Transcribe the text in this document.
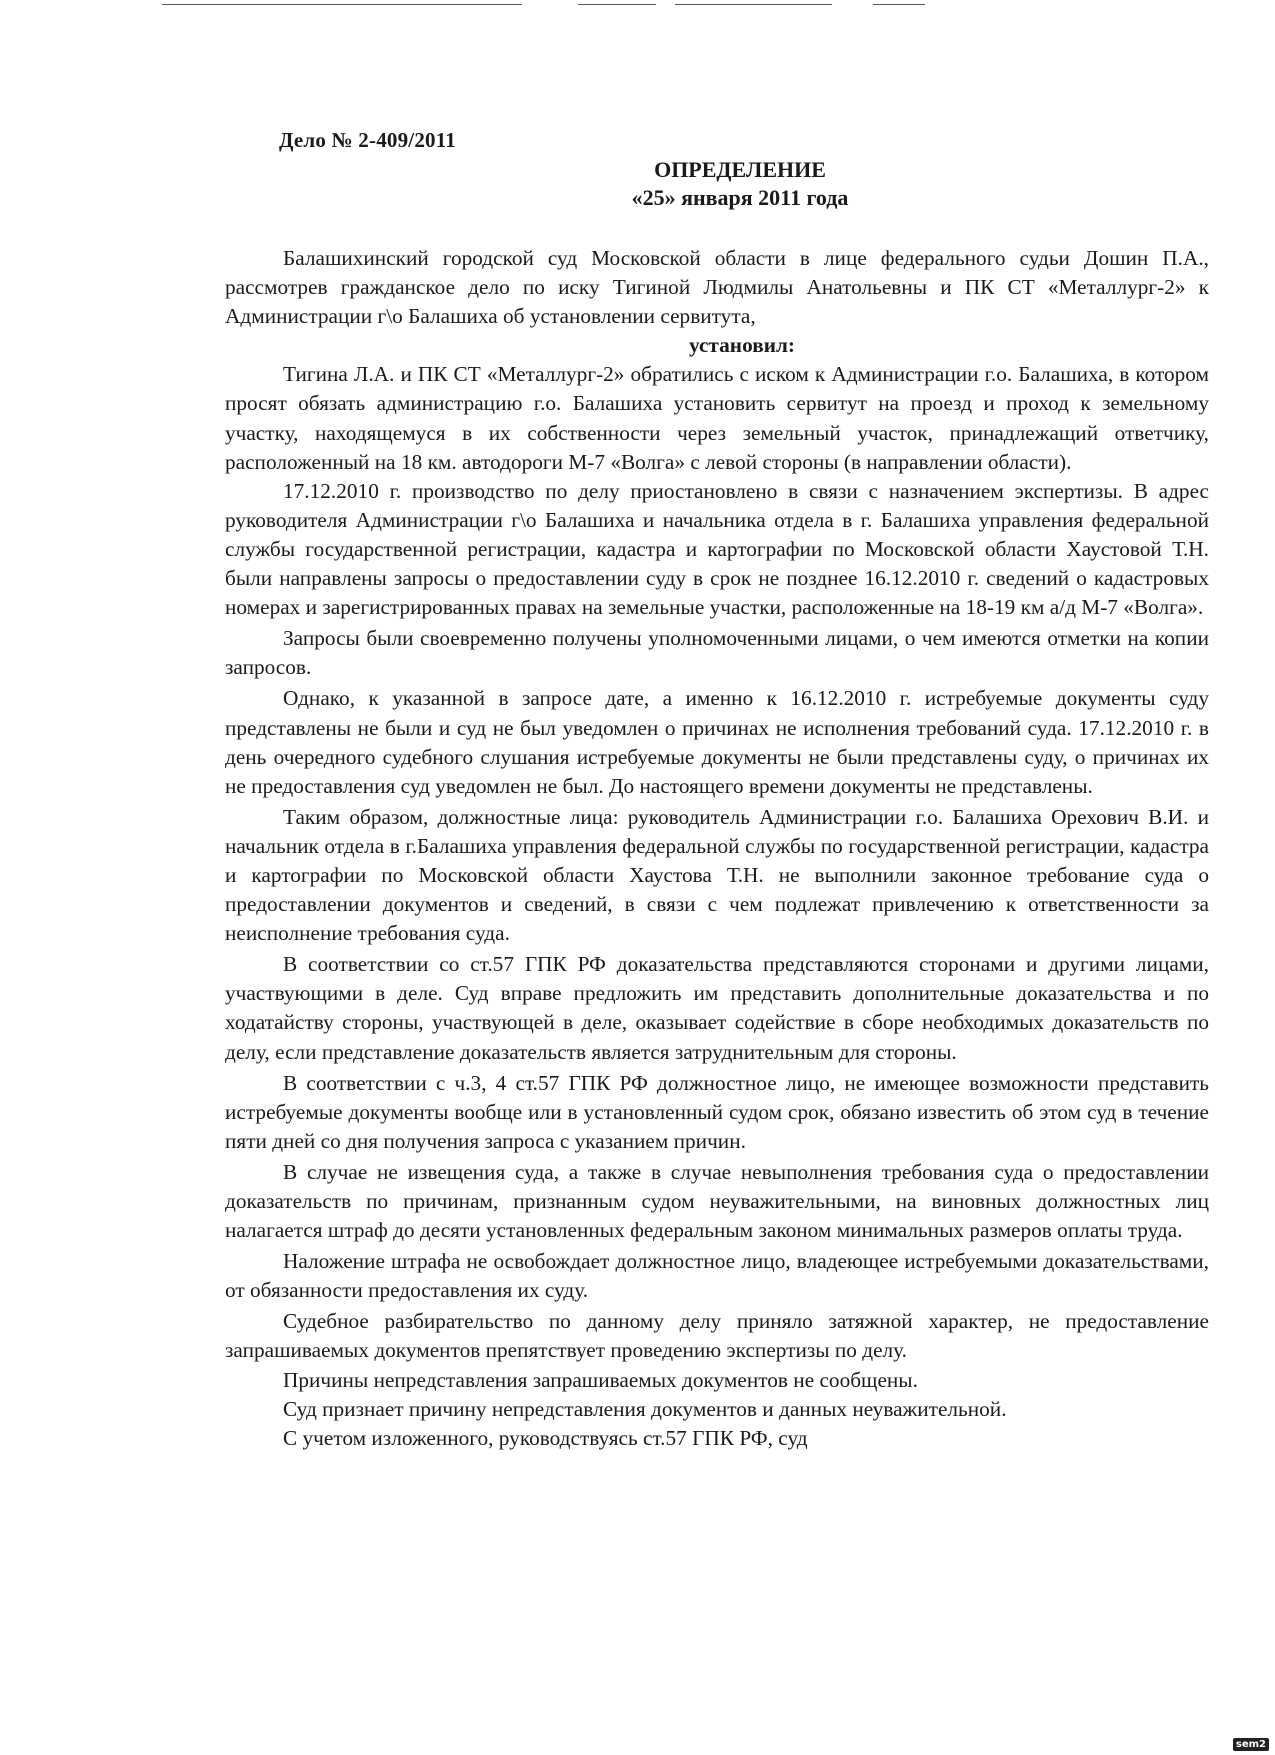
Дело № 2-409/2011
ОПРЕДЕЛЕНИЕ
«25» января 2011 года

Балашихинский городской суд Московской области в лице федерального судьи Дошин П.А., рассмотрев гражданское дело по иску Тигиной Людмилы Анатольевны и ПК СТ «Металлург-2» к Администрации г\о Балашиха об установлении сервитута,

установил:

Тигина Л.А. и ПК СТ «Металлург-2» обратились с иском к Администрации г.о. Балашиха, в котором просят обязать администрацию г.о. Балашиха установить сервитут на проезд и проход к земельному участку, находящемуся в их собственности через земельный участок, принадлежащий ответчику, расположенный на 18 км. автодороги М-7 «Волга» с левой стороны (в направлении области).

17.12.2010 г. производство по делу приостановлено в связи с назначением экспертизы. В адрес руководителя Администрации г\о Балашиха и начальника отдела в г. Балашиха управления федеральной службы государственной регистрации, кадастра и картографии по Московской области Хаустовой Т.Н. были направлены запросы о предоставлении суду в срок не позднее 16.12.2010 г. сведений о кадастровых номерах и зарегистрированных правах на земельные участки, расположенные на 18-19 км а/д М-7 «Волга».

Запросы были своевременно получены уполномоченными лицами, о чем имеются отметки на копии запросов.

Однако, к указанной в запросе дате, а именно к 16.12.2010 г. истребуемые документы суду представлены не были и суд не был уведомлен о причинах не исполнения требований суда. 17.12.2010 г. в день очередного судебного слушания истребуемые документы не были представлены суду, о причинах их не предоставления суд уведомлен не был. До настоящего времени документы не представлены.

Таким образом, должностные лица: руководитель Администрации г.о. Балашиха Орехович В.И. и начальник отдела в г.Балашиха управления федеральной службы по государственной регистрации, кадастра и картографии по Московской области Хаустова Т.Н. не выполнили законное требование суда о предоставлении документов и сведений, в связи с чем подлежат привлечению к ответственности за неисполнение требования суда.

В соответствии со ст.57 ГПК РФ доказательства представляются сторонами и другими лицами, участвующими в деле. Суд вправе предложить им представить дополнительные доказательства и по ходатайству стороны, участвующей в деле, оказывает содействие в сборе необходимых доказательств по делу, если представление доказательств является затруднительным для стороны.

В соответствии с ч.3, 4 ст.57 ГПК РФ должностное лицо, не имеющее возможности представить истребуемые документы вообще или в установленный судом срок, обязано известить об этом суд в течение пяти дней со дня получения запроса с указанием причин.

В случае не извещения суда, а также в случае невыполнения требования суда о предоставлении доказательств по причинам, признанным судом неуважительными, на виновных должностных лиц налагается штраф до десяти установленных федеральным законом минимальных размеров оплаты труда.

Наложение штрафа не освобождает должностное лицо, владеющее истребуемыми доказательствами, от обязанности предоставления их суду.

Судебное разбирательство по данному делу приняло затяжной характер, не предоставление запрашиваемых документов препятствует проведению экспертизы по делу.

Причины непредставления запрашиваемых документов не сообщены.

Суд признает причину непредставления документов и данных неуважительной.

С учетом изложенного, руководствуясь ст.57 ГПК РФ, суд

sem2
